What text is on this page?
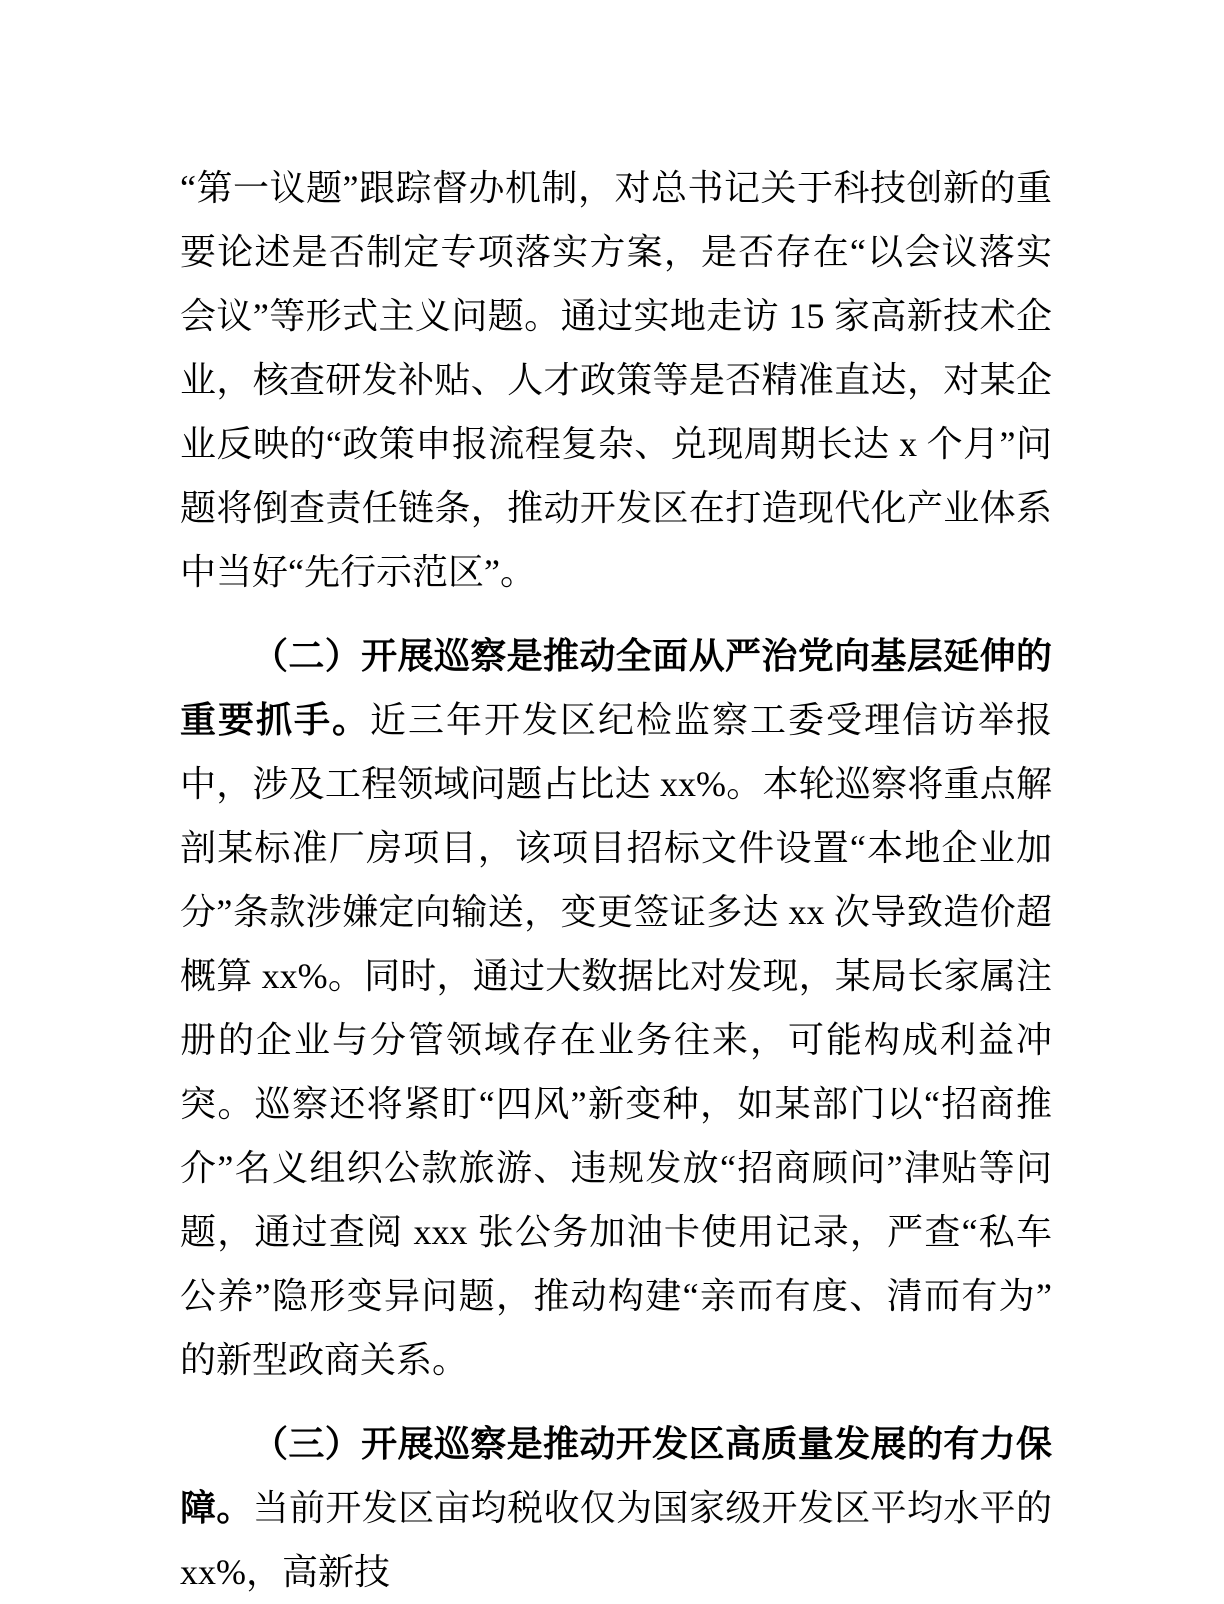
“第一议题”跟踪督办机制，对总书记关于科技创新的重要论述是否制定专项落实方案，是否存在“以会议落实会议”等形式主义问题。通过实地走访 15 家高新技术企业，核查研发补贴、人才政策等是否精准直达，对某企业反映的“政策申报流程复杂、兑现周期长达 x 个月”问题将倒查责任链条，推动开发区在打造现代化产业体系中当好“先行示范区”。

（二）开展巡察是推动全面从严治党向基层延伸的重要抓手。近三年开发区纪检监察工委受理信访举报中，涉及工程领域问题占比达 xx%。本轮巡察将重点解剖某标准厂房项目，该项目招标文件设置“本地企业加分”条款涉嫌定向输送，变更签证多达 xx 次导致造价超概算 xx%。同时，通过大数据比对发现，某局长家属注册的企业与分管领域存在业务往来，可能构成利益冲突。巡察还将紧盯“四风”新变种，如某部门以“招商推介”名义组织公款旅游、违规发放“招商顾问”津贴等问题，通过查阅 xxx 张公务加油卡使用记录，严查“私车公养”隐形变异问题，推动构建“亲而有度、清而有为”的新型政商关系。

（三）开展巡察是推动开发区高质量发展的有力保障。当前开发区亩均税收仅为国家级开发区平均水平的 xx%，高新技
